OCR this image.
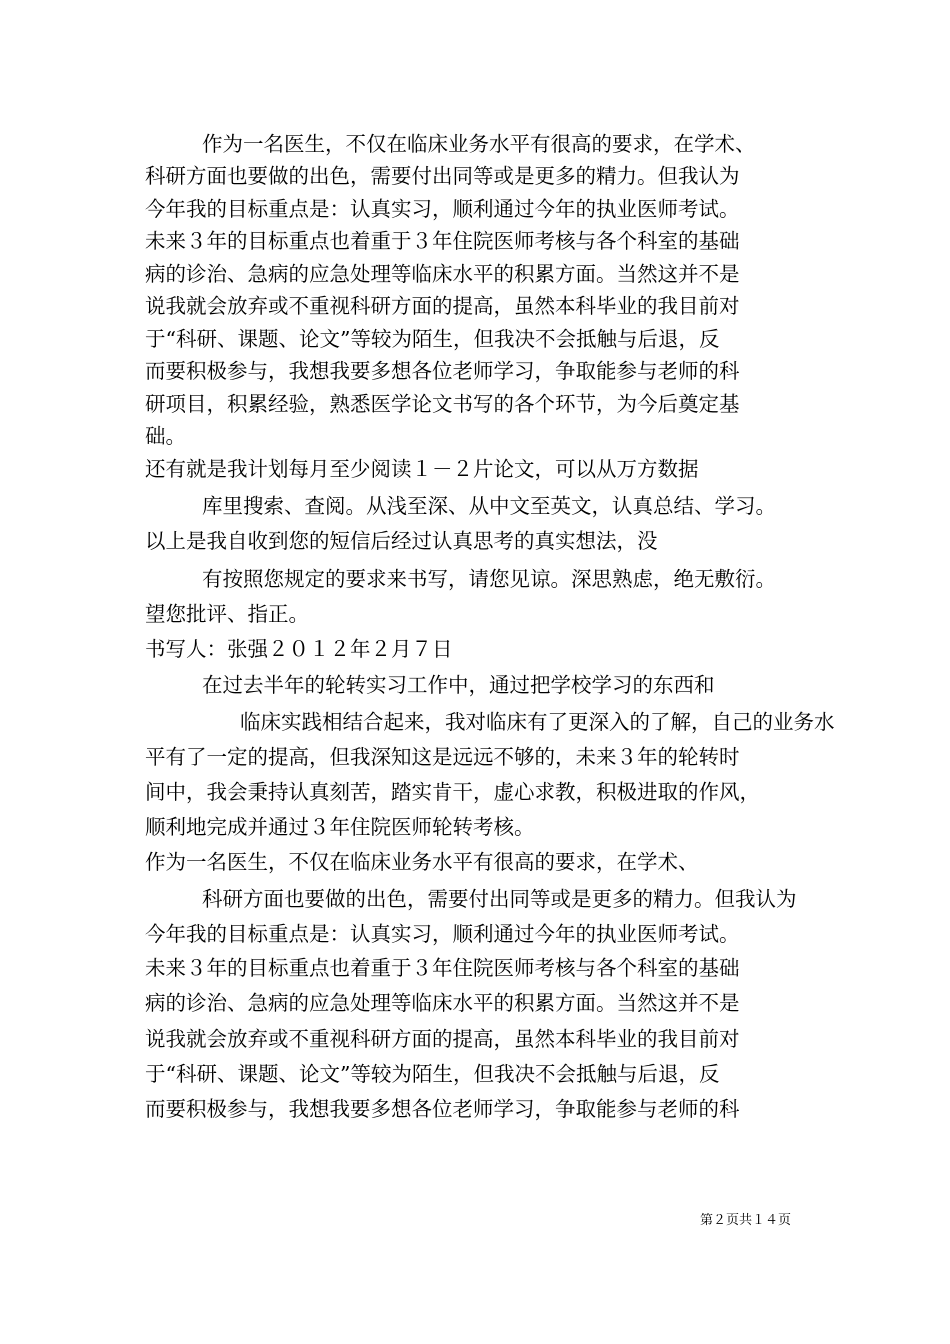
作为一名医生，不仅在临床业务水平有很高的要求，在学术、
科研方面也要做的出色，需要付出同等或是更多的精力。但我认为
今年我的目标重点是：认真实习，顺利通过今年的执业医师考试。
未来３年的目标重点也着重于３年住院医师考核与各个科室的基础
病的诊治、急病的应急处理等临床水平的积累方面。当然这并不是
说我就会放弃或不重视科研方面的提高，虽然本科毕业的我目前对
于“科研、课题、论文”等较为陌生，但我决不会抵触与后退，反
而要积极参与，我想我要多想各位老师学习，争取能参与老师的科
研项目，积累经验，熟悉医学论文书写的各个环节，为今后奠定基
础。
还有就是我计划每月至少阅读１－２片论文，可以从万方数据
库里搜索、查阅。从浅至深、从中文至英文，认真总结、学习。
以上是我自收到您的短信后经过认真思考的真实想法，没
有按照您规定的要求来书写，请您见谅。深思熟虑，绝无敷衍。
望您批评、指正。
书写人：张强２０１２年２月７日
在过去半年的轮转实习工作中，通过把学校学习的东西和
临床实践相结合起来，我对临床有了更深入的了解，自己的业务水
平有了一定的提高，但我深知这是远远不够的，未来３年的轮转时
间中，我会秉持认真刻苦，踏实肯干，虚心求教，积极进取的作风，
顺利地完成并通过３年住院医师轮转考核。
作为一名医生，不仅在临床业务水平有很高的要求，在学术、
科研方面也要做的出色，需要付出同等或是更多的精力。但我认为
今年我的目标重点是：认真实习，顺利通过今年的执业医师考试。
未来３年的目标重点也着重于３年住院医师考核与各个科室的基础
病的诊治、急病的应急处理等临床水平的积累方面。当然这并不是
说我就会放弃或不重视科研方面的提高，虽然本科毕业的我目前对
于“科研、课题、论文”等较为陌生，但我决不会抵触与后退，反
而要积极参与，我想我要多想各位老师学习，争取能参与老师的科
第２页共１４页
